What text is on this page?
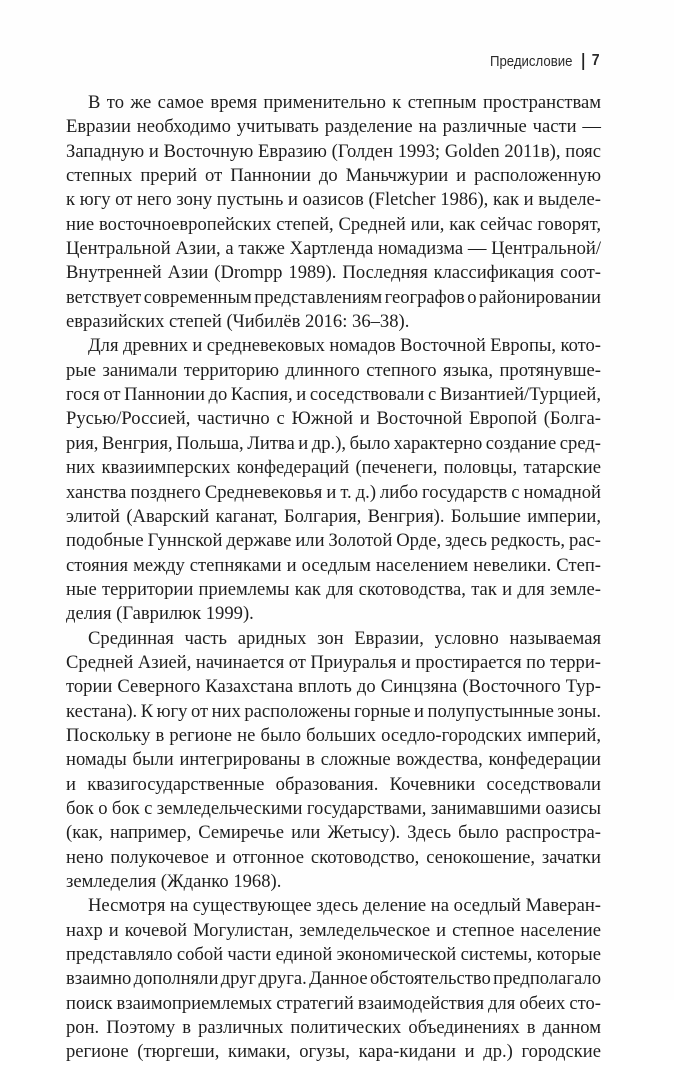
Предисловие 7
В то же самое время применительно к степным пространствам
Евразии необходимо учитывать разделение на различные части —
Западную и Восточную Евразию (Голден 1993; Golden 2011в), пояс
степных прерий от Паннонии до Маньчжурии и расположенную
к югу от него зону пустынь и оазисов (Fletcher 1986), как и выделе-
ние восточноевропейских степей, Средней или, как сейчас говорят,
Центральной Азии, а также Хартленда номадизма — Центральной/
Внутренней Азии (Drompp 1989). Последняя классификация соот-
ветствует современным представлениям географов о районировании
евразийских степей (Чибилёв 2016: 36–38).
Для древних и средневековых номадов Восточной Европы, кото-
рые занимали территорию длинного степного языка, протянувше-
гося от Паннонии до Каспия, и соседствовали с Византией/Турцией,
Русью/Россией, частично с Южной и Восточной Европой (Болга-
рия, Венгрия, Польша, Литва и др.), было характерно создание сред-
них квазиимперских конфедераций (печенеги, половцы, татарские
ханства позднего Средневековья и т. д.) либо государств с номадной
элитой (Аварский каганат, Болгария, Венгрия). Большие империи,
подобные Гуннской державе или Золотой Орде, здесь редкость, рас-
стояния между степняками и оседлым населением невелики. Степ-
ные территории приемлемы как для скотоводства, так и для земле-
делия (Гаврилюк 1999).
Срединная часть аридных зон Евразии, условно называемая
Средней Азией, начинается от Приуралья и простирается по терри-
тории Северного Казахстана вплоть до Синцзяна (Восточного Тур-
кестана). К югу от них расположены горные и полупустынные зоны.
Поскольку в регионе не было больших оседло-городских империй,
номады были интегрированы в сложные вождества, конфедерации
и квазигосударственные образования. Кочевники соседствовали
бок о бок с земледельческими государствами, занимавшими оазисы
(как, например, Семиречье или Жетысу). Здесь было распростра-
нено полукочевое и отгонное скотоводство, сенокошение, зачатки
земледелия (Жданко 1968).
Несмотря на существующее здесь деление на оседлый Маверан-
нахр и кочевой Могулистан, земледельческое и степное население
представляло собой части единой экономической системы, которые
взаимно дополняли друг друга. Данное обстоятельство предполагало
поиск взаимоприемлемых стратегий взаимодействия для обеих сто-
рон. Поэтому в различных политических объединениях в данном
регионе (тюргеши, кимаки, огузы, кара-кидани и др.) городские
